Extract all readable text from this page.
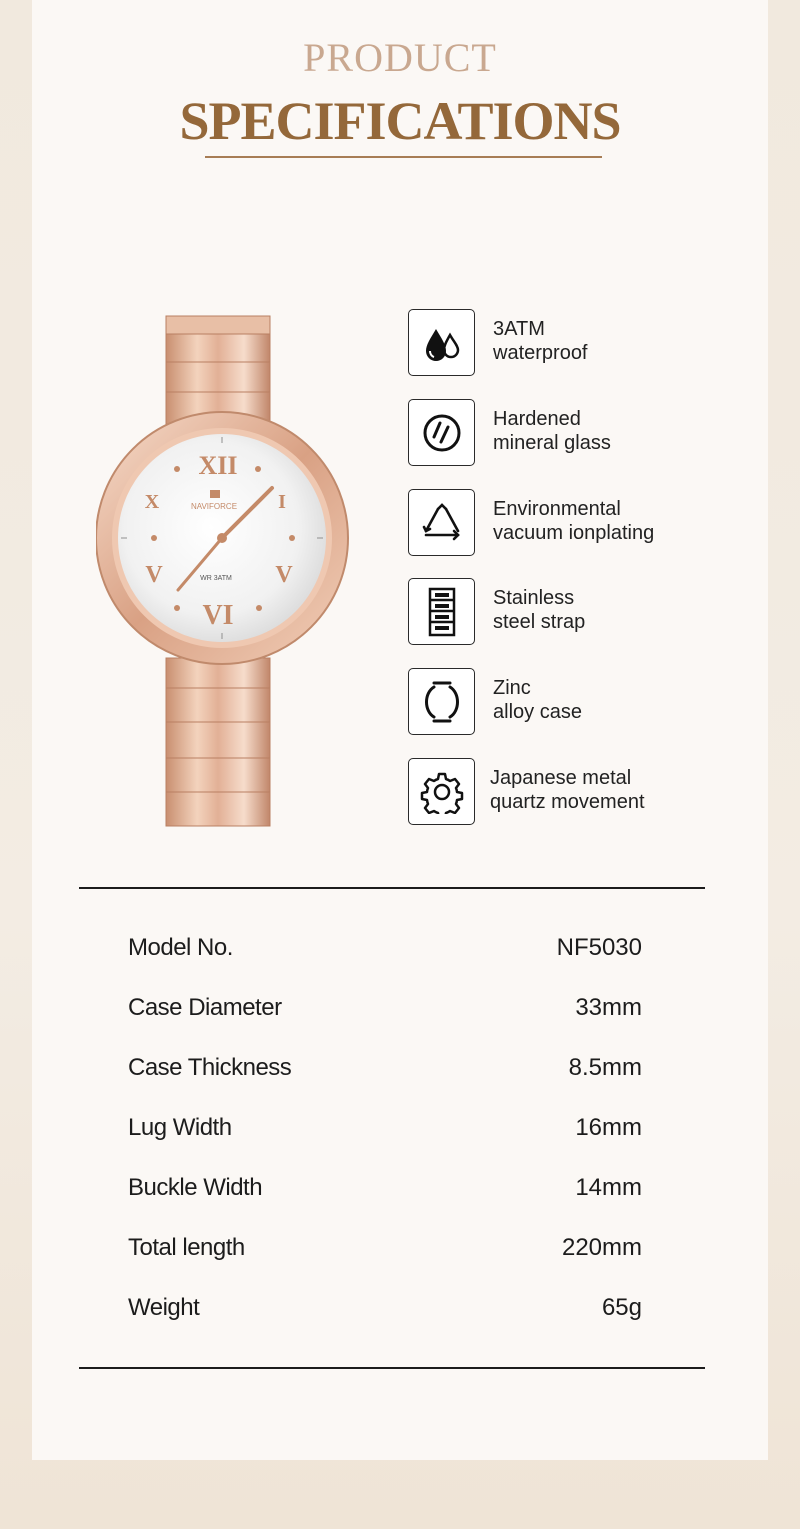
PRODUCT
SPECIFICATIONS
XII
I
X
V
V
VI
NAVIFORCE
WR 3ATM
3ATM
waterproof
Hardened
mineral glass
Environmental
vacuum ionplating
Stainless
steel strap
Zinc
alloy case
Japanese metal
quartz movement
Model No.	NF5030
Case Diameter	33mm
Case Thickness	8.5mm
Lug Width	16mm
Buckle Width	14mm
Total length	220mm
Weight	65g
